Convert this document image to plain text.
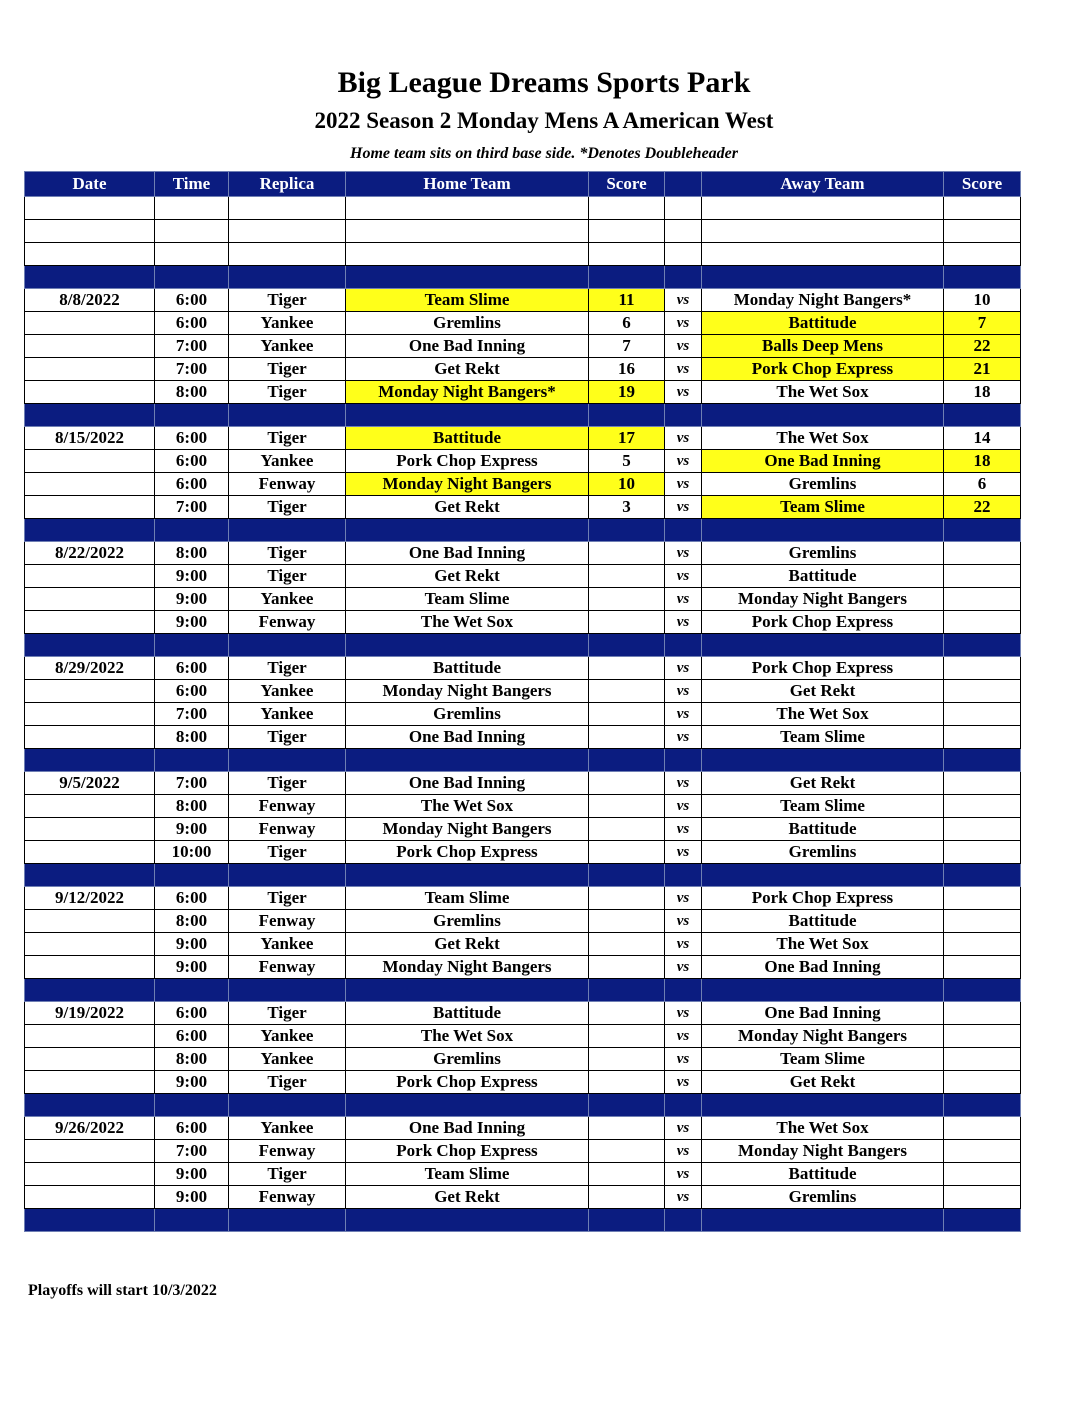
Big League Dreams Sports Park
2022 Season 2 Monday Mens A American West
Home team sits on third base side. *Denotes Doubleheader
Date	Time	Replica	Home Team	Score		Away Team	Score

8/8/2022	6:00	Tiger	Team Slime	11	vs	Monday Night Bangers*	10
	6:00	Yankee	Gremlins	6	vs	Battitude	7
	7:00	Yankee	One Bad Inning	7	vs	Balls Deep Mens	22
	7:00	Tiger	Get Rekt	16	vs	Pork Chop Express	21
	8:00	Tiger	Monday Night Bangers*	19	vs	The Wet Sox	18

8/15/2022	6:00	Tiger	Battitude	17	vs	The Wet Sox	14
	6:00	Yankee	Pork Chop Express	5	vs	One Bad Inning	18
	6:00	Fenway	Monday Night Bangers	10	vs	Gremlins	6
	7:00	Tiger	Get Rekt	3	vs	Team Slime	22

8/22/2022	8:00	Tiger	One Bad Inning		vs	Gremlins	
	9:00	Tiger	Get Rekt		vs	Battitude	
	9:00	Yankee	Team Slime		vs	Monday Night Bangers	
	9:00	Fenway	The Wet Sox		vs	Pork Chop Express	

8/29/2022	6:00	Tiger	Battitude		vs	Pork Chop Express	
	6:00	Yankee	Monday Night Bangers		vs	Get Rekt	
	7:00	Yankee	Gremlins		vs	The Wet Sox	
	8:00	Tiger	One Bad Inning		vs	Team Slime	

9/5/2022	7:00	Tiger	One Bad Inning		vs	Get Rekt	
	8:00	Fenway	The Wet Sox		vs	Team Slime	
	9:00	Fenway	Monday Night Bangers		vs	Battitude	
	10:00	Tiger	Pork Chop Express		vs	Gremlins	

9/12/2022	6:00	Tiger	Team Slime		vs	Pork Chop Express	
	8:00	Fenway	Gremlins		vs	Battitude	
	9:00	Yankee	Get Rekt		vs	The Wet Sox	
	9:00	Fenway	Monday Night Bangers		vs	One Bad Inning	

9/19/2022	6:00	Tiger	Battitude		vs	One Bad Inning	
	6:00	Yankee	The Wet Sox		vs	Monday Night Bangers	
	8:00	Yankee	Gremlins		vs	Team Slime	
	9:00	Tiger	Pork Chop Express		vs	Get Rekt	

9/26/2022	6:00	Yankee	One Bad Inning		vs	The Wet Sox	
	7:00	Fenway	Pork Chop Express		vs	Monday Night Bangers	
	9:00	Tiger	Team Slime		vs	Battitude	
	9:00	Fenway	Get Rekt		vs	Gremlins	

Playoffs will start 10/3/2022
